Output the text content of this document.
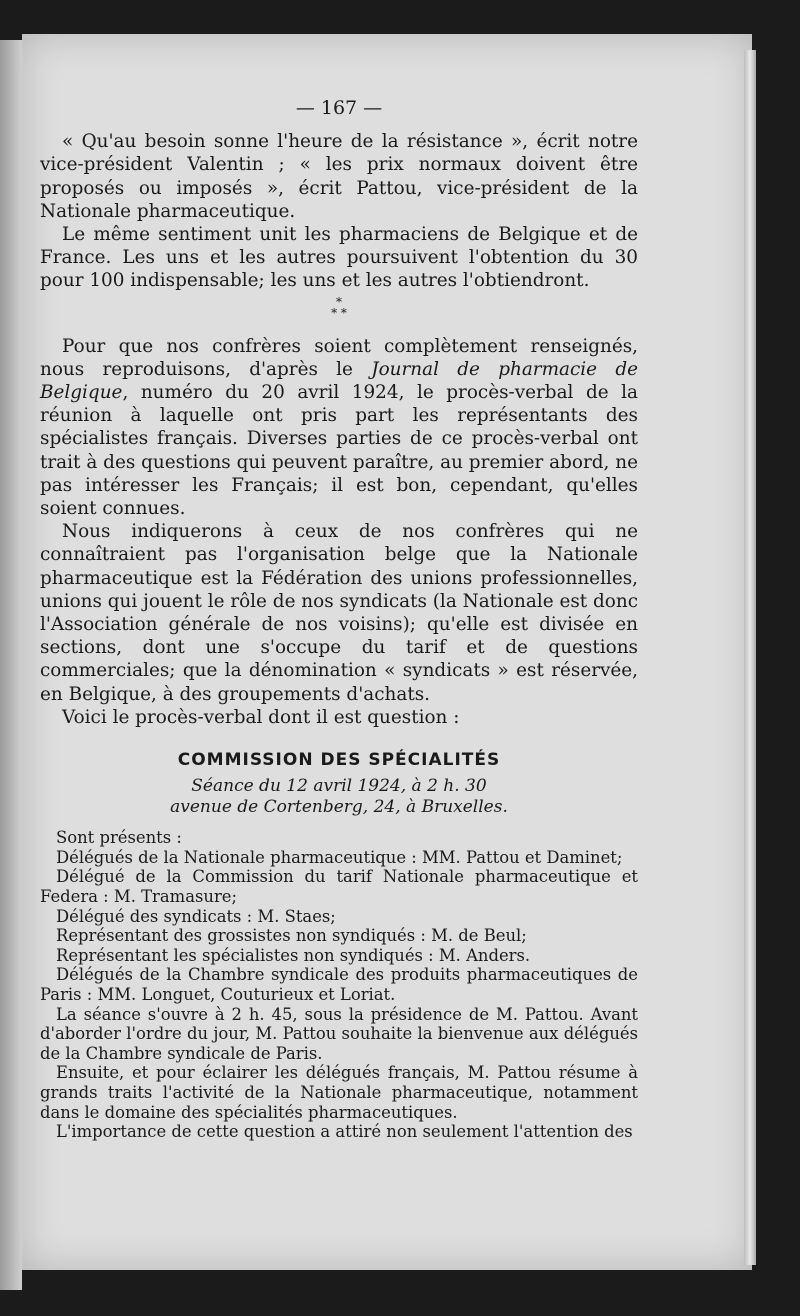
— 167 —

« Qu'au besoin sonne l'heure de la résistance », écrit notre vice-président Valentin ; « les prix normaux doivent être proposés ou imposés », écrit Pattou, vice-président de la Nationale pharmaceutique.

Le même sentiment unit les pharmaciens de Belgique et de France. Les uns et les autres poursuivent l'obtention du 30 pour 100 indispensable; les uns et les autres l'obtiendront.

*
* *

Pour que nos confrères soient complètement renseignés, nous reproduisons, d'après le Journal de pharmacie de Belgique, numéro du 20 avril 1924, le procès-verbal de la réunion à laquelle ont pris part les représentants des spécialistes français. Diverses parties de ce procès-verbal ont trait à des questions qui peuvent paraître, au premier abord, ne pas intéresser les Français; il est bon, cependant, qu'elles soient connues.

Nous indiquerons à ceux de nos confrères qui ne connaîtraient pas l'organisation belge que la Nationale pharmaceutique est la Fédération des unions professionnelles, unions qui jouent le rôle de nos syndicats (la Nationale est donc l'Association générale de nos voisins); qu'elle est divisée en sections, dont une s'occupe du tarif et de questions commerciales; que la dénomination « syndicats » est réservée, en Belgique, à des groupements d'achats.

Voici le procès-verbal dont il est question :

COMMISSION DES SPÉCIALITÉS

Séance du 12 avril 1924, à 2 h. 30

avenue de Cortenberg, 24, à Bruxelles.

Sont présents :

Délégués de la Nationale pharmaceutique : MM. Pattou et Daminet;

Délégué de la Commission du tarif Nationale pharmaceutique et Federa : M. Tramasure;

Délégué des syndicats : M. Staes;

Représentant des grossistes non syndiqués : M. de Beul;

Représentant les spécialistes non syndiqués : M. Anders.

Délégués de la Chambre syndicale des produits pharmaceutiques de Paris : MM. Longuet, Couturieux et Loriat.

La séance s'ouvre à 2 h. 45, sous la présidence de M. Pattou. Avant d'aborder l'ordre du jour, M. Pattou souhaite la bienvenue aux délégués de la Chambre syndicale de Paris.

Ensuite, et pour éclairer les délégués français, M. Pattou résume à grands traits l'activité de la Nationale pharmaceutique, notamment dans le domaine des spécialités pharmaceutiques.

L'importance de cette question a attiré non seulement l'attention des
